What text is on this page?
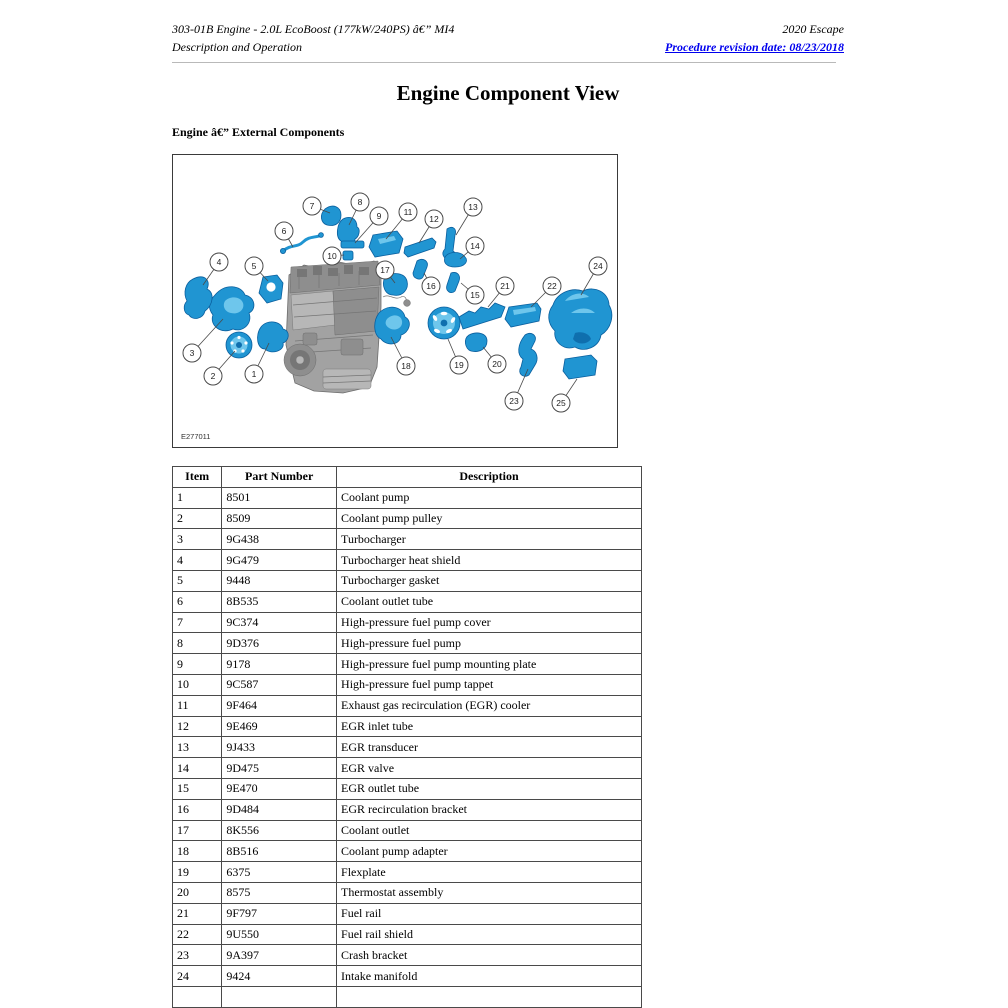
303-01B Engine - 2.0L EcoBoost (177kW/240PS) â€” MI4
Description and Operation
2020 Escape
Procedure revision date: 08/23/2018
Engine Component View
Engine â€” External Components
1
2
3
4	5
6
7	8
9
10
11
12
13
14
15
16
17
18	19	20
21	22
23
24
25
E277011
Item	Part Number	Description
1	8501	Coolant pump
2	8509	Coolant pump pulley
3	9G438	Turbocharger
4	9G479	Turbocharger heat shield
5	9448	Turbocharger gasket
6	8B535	Coolant outlet tube
7	9C374	High-pressure fuel pump cover
8	9D376	High-pressure fuel pump
9	9178	High-pressure fuel pump mounting plate
10	9C587	High-pressure fuel pump tappet
11	9F464	Exhaust gas recirculation (EGR) cooler
12	9E469	EGR inlet tube
13	9J433	EGR transducer
14	9D475	EGR valve
15	9E470	EGR outlet tube
16	9D484	EGR recirculation bracket
17	8K556	Coolant outlet
18	8B516	Coolant pump adapter
19	6375	Flexplate
20	8575	Thermostat assembly
21	9F797	Fuel rail
22	9U550	Fuel rail shield
23	9A397	Crash bracket
24	9424	Intake manifold
